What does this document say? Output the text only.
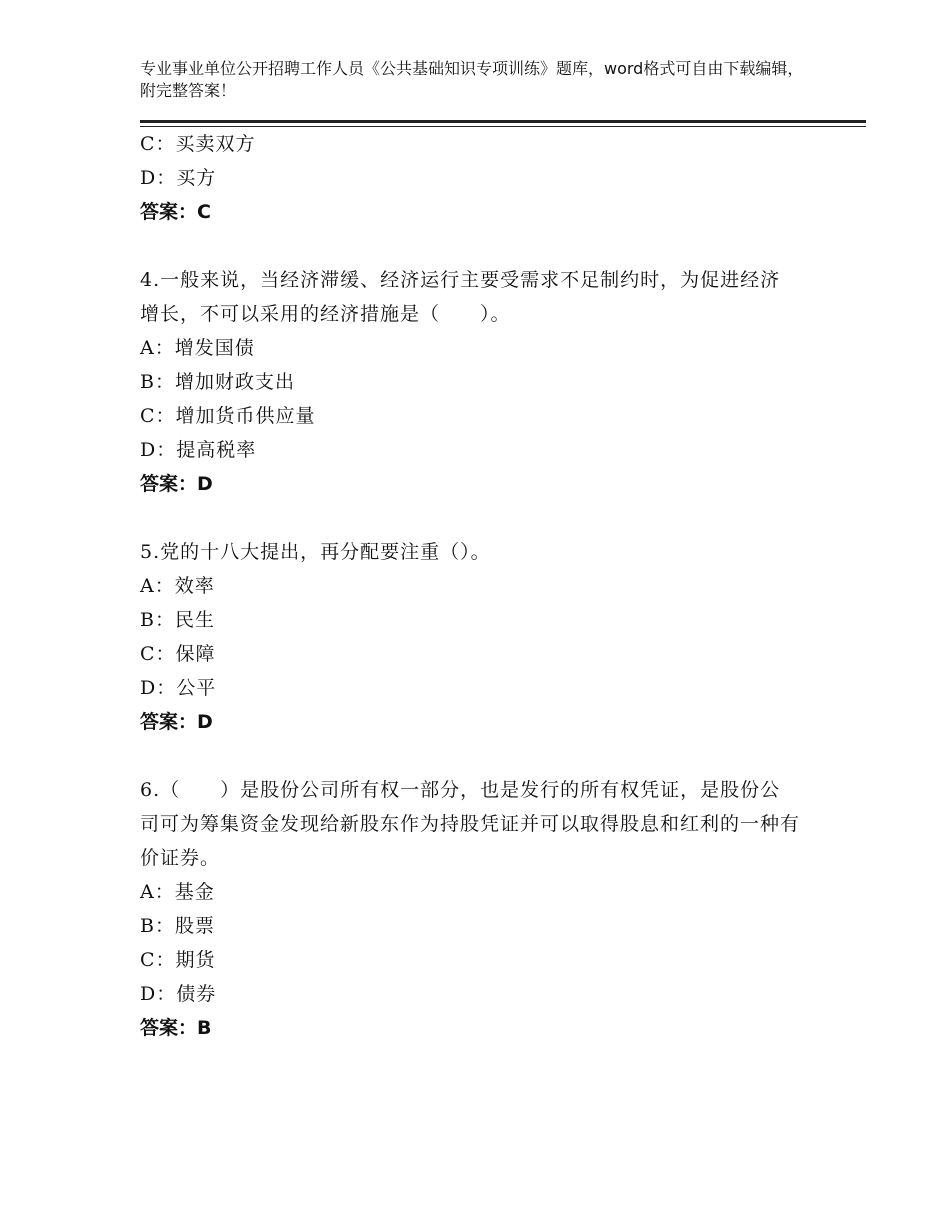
专业事业单位公开招聘工作人员《公共基础知识专项训练》题库，word格式可自由下载编辑，附完整答案！
C：买卖双方
D：买方
答案：C
4.一般来说，当经济滞缓、经济运行主要受需求不足制约时，为促进经济增长，不可以采用的经济措施是（　　）。
A：增发国债
B：增加财政支出
C：增加货币供应量
D：提高税率
答案：D
5.党的十八大提出，再分配要注重（）。
A：效率
B：民生
C：保障
D：公平
答案：D
6.（　　）是股份公司所有权一部分，也是发行的所有权凭证，是股份公司可为筹集资金发现给新股东作为持股凭证并可以取得股息和红利的一种有价证券。
A：基金
B：股票
C：期货
D：债券
答案：B
